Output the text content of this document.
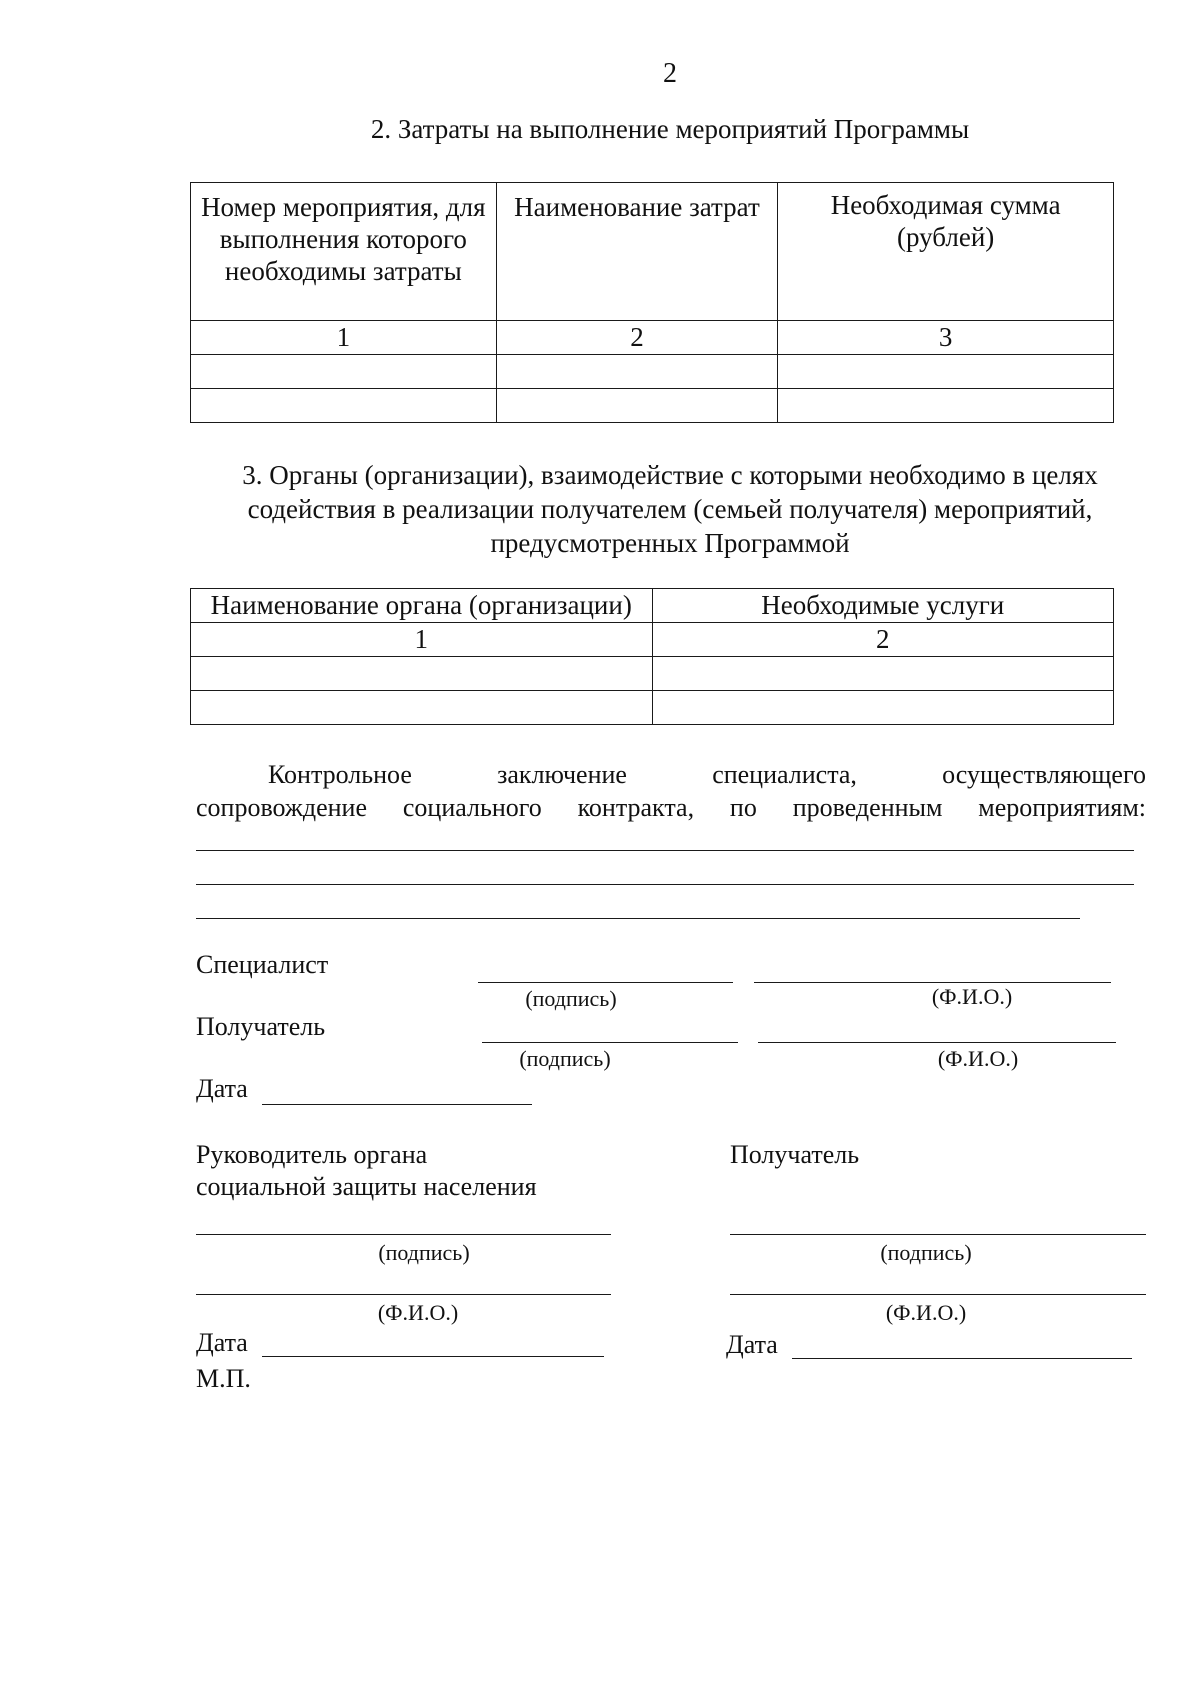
2
2. Затраты на выполнение мероприятий Программы
Номер мероприятия, для выполнения которого необходимы затраты	Наименование затрат	Необходимая сумма (рублей)
1	2	3

3. Органы (организации), взаимодействие с которыми необходимо в целях содействия в реализации получателем (семьей получателя) мероприятий, предусмотренных Программой
Наименование органа (организации)	Необходимые услуги
1	2

Контрольное	заключение	специалиста,	осуществляющего
сопровождение социального контракта, по проведенным мероприятиям:
Специалист
(подпись)	(Ф.И.О.)
Получатель
(подпись)	(Ф.И.О.)
Дата
Руководитель органа
социальной защиты населения
(подпись)
(Ф.И.О.)
Дата
М.П.
Получатель
(подпись)
(Ф.И.О.)
Дата
